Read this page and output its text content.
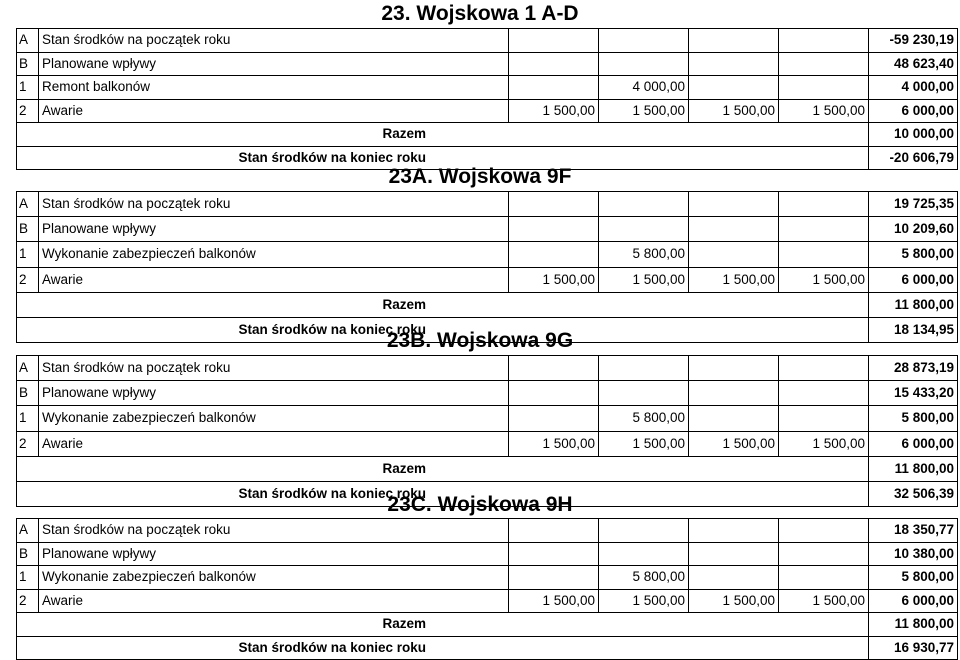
23. Wojskowa 1 A-D
A	Stan środków na początek roku					-59 230,19
B	Planowane wpływy					48 623,40
1	Remont balkonów		4 000,00			4 000,00
2	Awarie	1 500,00	1 500,00	1 500,00	1 500,00	6 000,00
Razem						10 000,00
Stan środków na koniec roku						-20 606,79
23A. Wojskowa 9F
A	Stan środków na początek roku					19 725,35
B	Planowane wpływy					10 209,60
1	Wykonanie zabezpieczeń balkonów		5 800,00			5 800,00
2	Awarie	1 500,00	1 500,00	1 500,00	1 500,00	6 000,00
Razem						11 800,00
Stan środków na koniec roku						18 134,95
23B. Wojskowa 9G
A	Stan środków na początek roku					28 873,19
B	Planowane wpływy					15 433,20
1	Wykonanie zabezpieczeń balkonów		5 800,00			5 800,00
2	Awarie	1 500,00	1 500,00	1 500,00	1 500,00	6 000,00
Razem						11 800,00
Stan środków na koniec roku						32 506,39
23C. Wojskowa 9H
A	Stan środków na początek roku					18 350,77
B	Planowane wpływy					10 380,00
1	Wykonanie zabezpieczeń balkonów		5 800,00			5 800,00
2	Awarie	1 500,00	1 500,00	1 500,00	1 500,00	6 000,00
Razem						11 800,00
Stan środków na koniec roku						16 930,77
